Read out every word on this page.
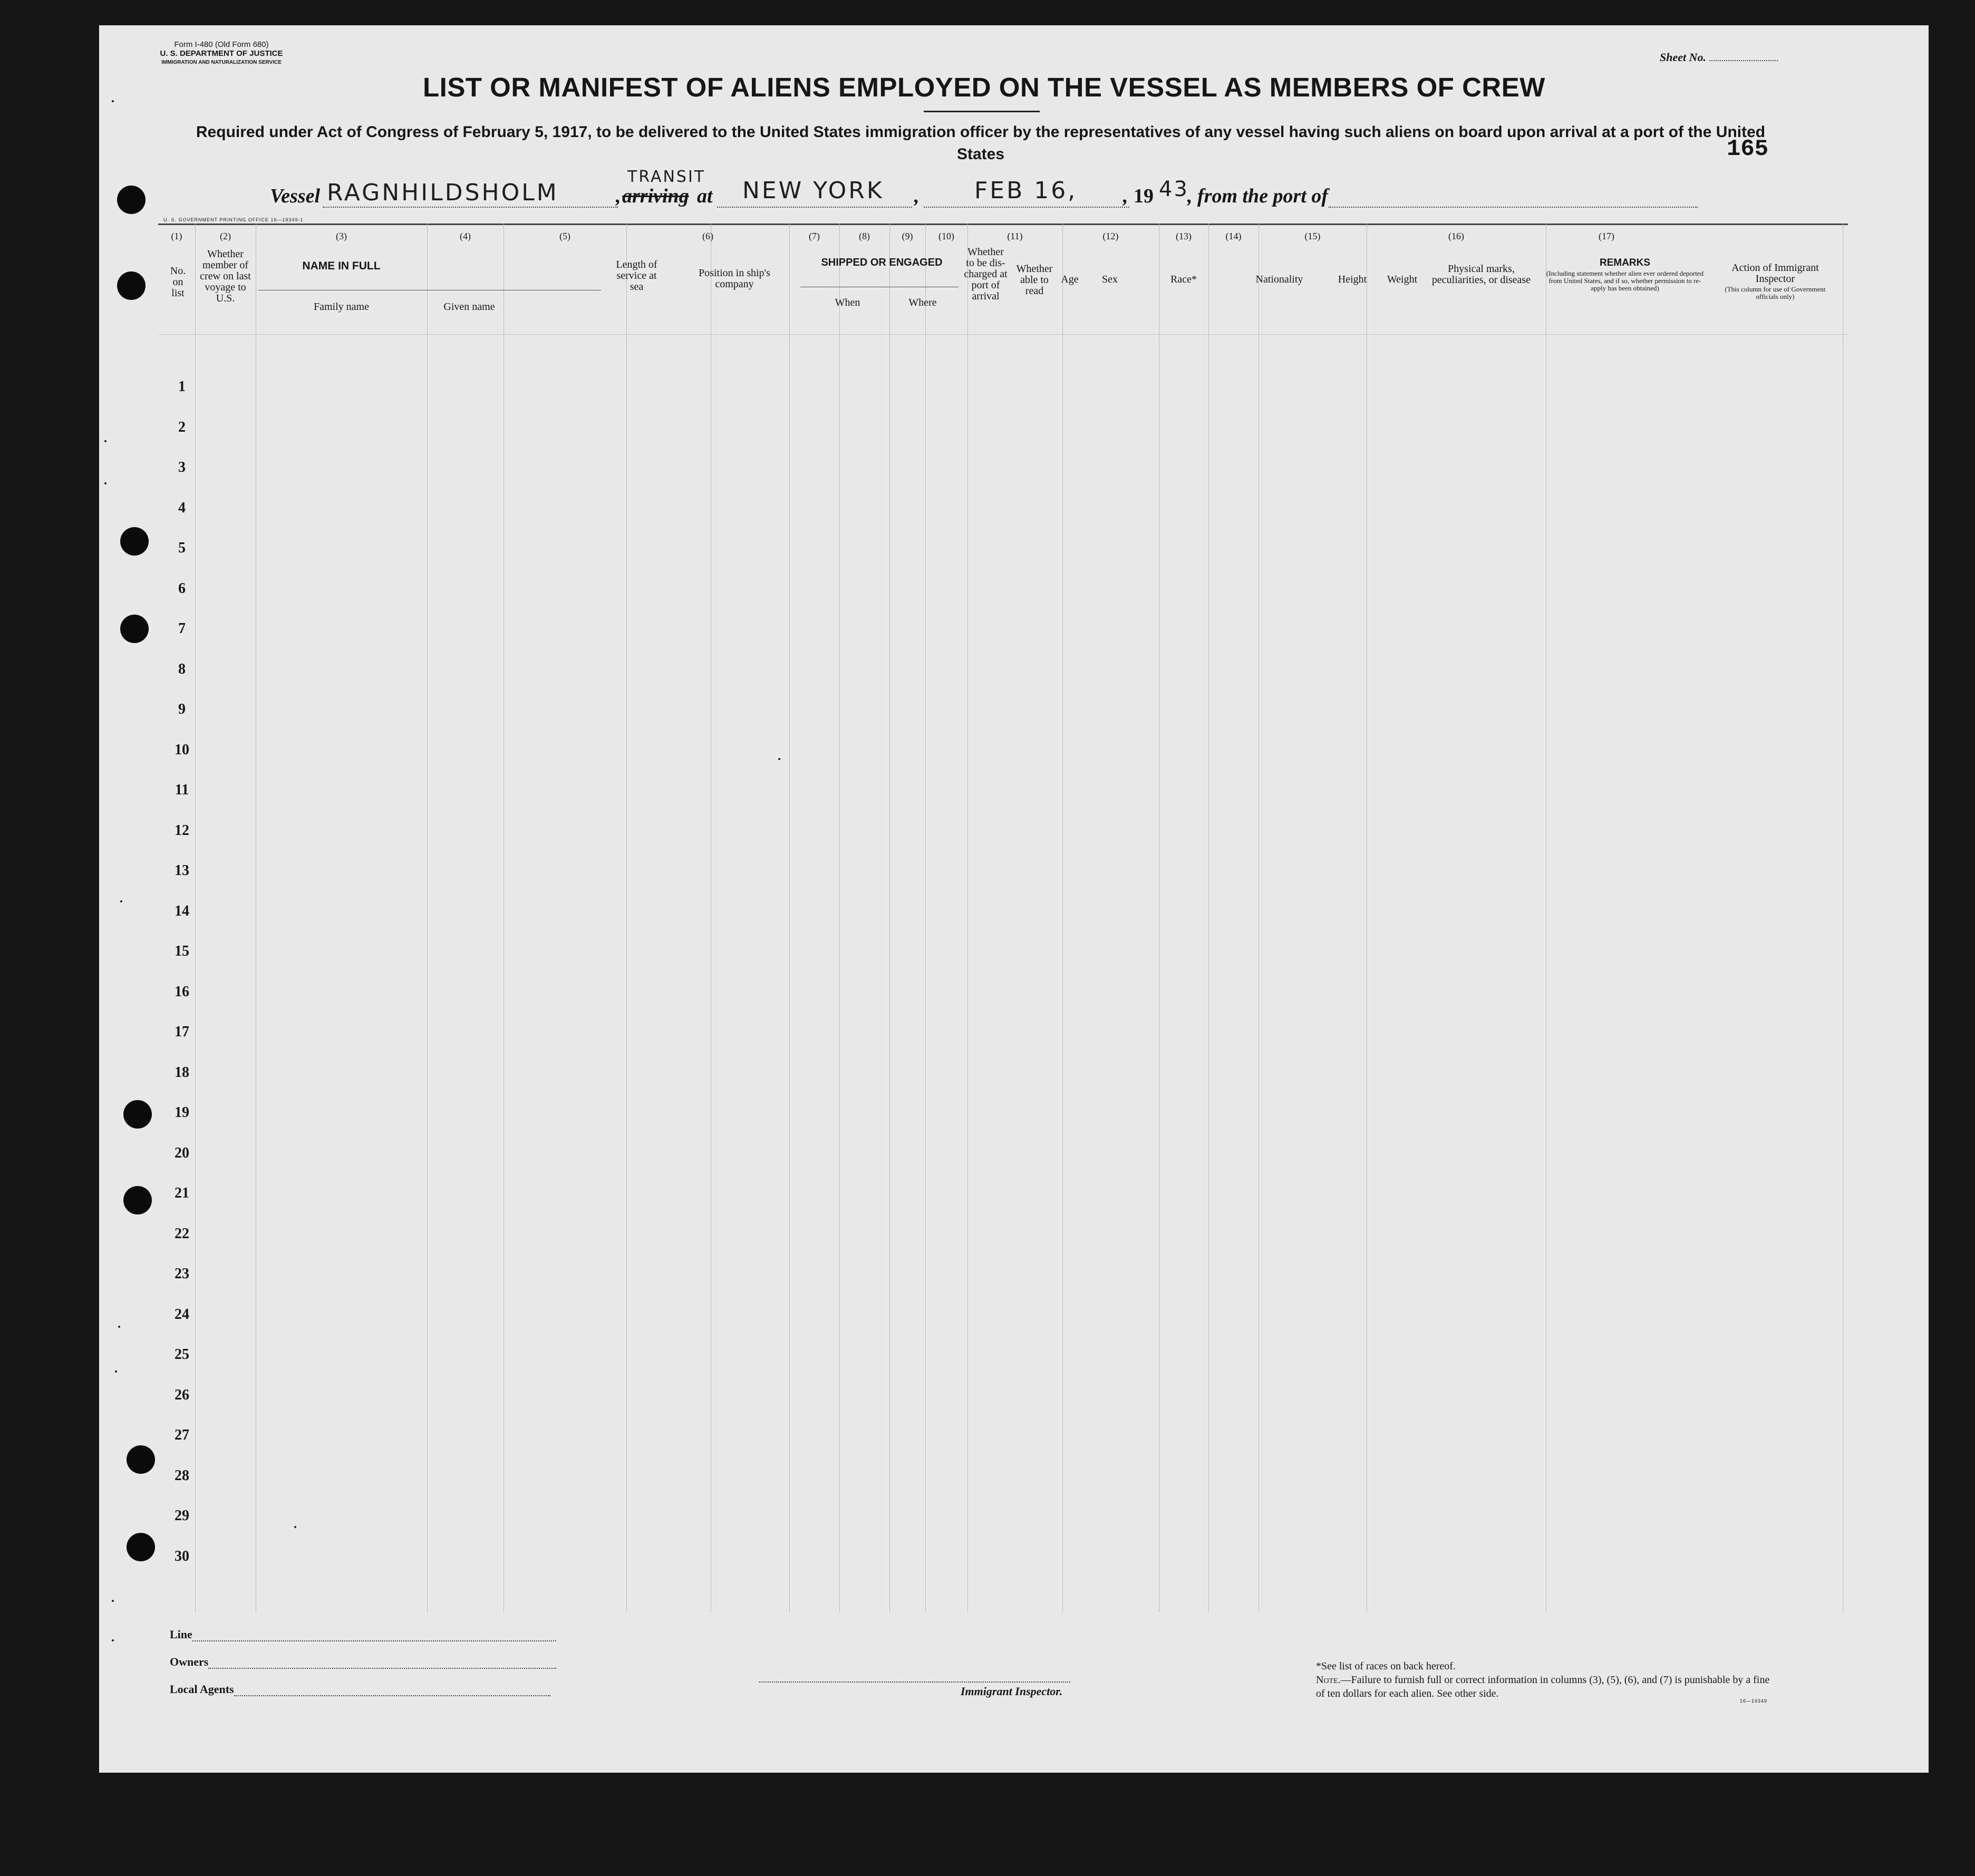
Form I-480 (Old Form 680)
U. S. DEPARTMENT OF JUSTICE
IMMIGRATION AND NATURALIZATION SERVICE	Sheet No.
LIST OR MANIFEST OF ALIENS EMPLOYED ON THE VESSEL AS MEMBERS OF CREW
Required under Act of Congress of February 5, 1917, to be delivered to the United States immigration officer by the representatives of any vessel having such aliens on board upon arrival at a port of the United States	165
Vessel RAGNHILDSHOLM
TRANSIT
, arriving at NEW YORK , FEB 16, , 19 43
, from the port of
U. S. GOVERNMENT PRINTING OFFICE 16—19349-1
(1)	(2)	(3)	(4)	(5)	(6)	(7)	(8)	(9)	(10)	(11)	(12)	(13)	(14)	(15)	(16)	(17)
No. on list
Whether member of crew on last voyage to U.S.
NAME IN FULL
Family name	Given name
Length of service at sea
Position in ship's company
SHIPPED OR ENGAGED
When	Where
Whether to be dis-charged at port of arrival
Whether able to read
Age	Sex	Race*	Nationality	Height	Weight
Physical marks, peculiarities, or disease
REMARKS
(Including statement whether alien ever ordered deported from United States, and if so, whether permission to re-apply has been obtained)
Action of Immigrant Inspector
(This column for use of Government officials only)
1
2
3
4
5
6
7
8
9
10
11
12
13
14
15
16
17
18
19
20
21
22
23
24
25
26
27
28
29
30
Line
Owners
Local Agents	Immigrant Inspector.
*See list of races on back hereof.
Note.—Failure to furnish full or correct information in columns (3), (5), (6), and (7) is punishable by a fine of ten dollars for each alien. See other side.
16—19349
